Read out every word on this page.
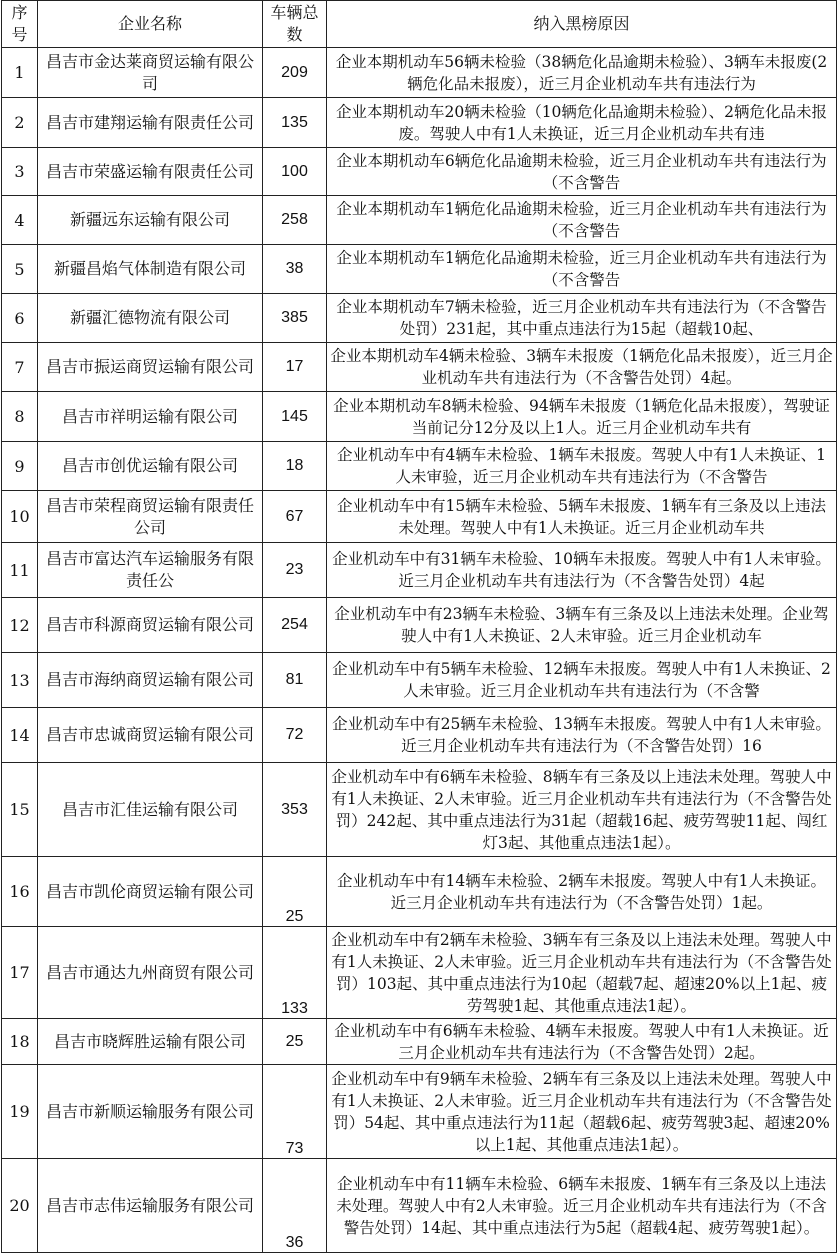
序号	企业名称	车辆总数	纳入黑榜原因
1	昌吉市金达莱商贸运输有限公司	209	企业本期机动车56辆未检验（38辆危化品逾期未检验）、3辆车未报废(2辆危化品未报废），近三月企业机动车共有违法行为

2	昌吉市建翔运输有限责任公司	135	企业本期机动车20辆未检验（10辆危化品逾期未检验）、2辆危化品未报废。驾驶人中有1人未换证，近三月企业机动车共有违

3	昌吉市荣盛运输有限责任公司	100	企业本期机动车6辆危化品逾期未检验，近三月企业机动车共有违法行为（不含警告

4	新疆远东运输有限公司	258	企业本期机动车1辆危化品逾期未检验，近三月企业机动车共有违法行为（不含警告

5	新疆昌焰气体制造有限公司	38	企业本期机动车1辆危化品逾期未检验，近三月企业机动车共有违法行为（不含警告

6	新疆汇德物流有限公司	385	企业本期机动车7辆未检验，近三月企业机动车共有违法行为（不含警告处罚）231起，其中重点违法行为15起（超载10起、

7	昌吉市振运商贸运输有限公司	17	企业本期机动车4辆未检验、3辆车未报废（1辆危化品未报废），近三月企业机动车共有违法行为（不含警告处罚）4起。

8	昌吉市祥明运输有限公司	145	企业本期机动车8辆未检验、94辆车未报废（1辆危化品未报废），驾驶证当前记分12分及以上1人。近三月企业机动车共有

9	昌吉市创优运输有限公司	18	企业机动车中有4辆车未检验、1辆车未报废。驾驶人中有1人未换证、1人未审验，近三月企业机动车共有违法行为（不含警告

10	昌吉市荣程商贸运输有限责任公司	67	企业机动车中有15辆车未检验、5辆车未报废、1辆车有三条及以上违法未处理。驾驶人中有1人未换证。近三月企业机动车共

11	昌吉市富达汽车运输服务有限责任公	23	企业机动车中有31辆车未检验、10辆车未报废。驾驶人中有1人未审验。近三月企业机动车共有违法行为（不含警告处罚）4起

12	昌吉市科源商贸运输有限公司	254	企业机动车中有23辆车未检验、3辆车有三条及以上违法未处理。企业驾驶人中有1人未换证、2人未审验。近三月企业机动车

13	昌吉市海纳商贸运输有限公司	81	企业机动车中有5辆车未检验、12辆车未报废。驾驶人中有1人未换证、2人未审验。近三月企业机动车共有违法行为（不含警

14	昌吉市忠诚商贸运输有限公司	72	企业机动车中有25辆车未检验、13辆车未报废。驾驶人中有1人未审验。近三月企业机动车共有违法行为（不含警告处罚）16

15	昌吉市汇佳运输有限公司	353	企业机动车中有6辆车未检验、8辆车有三条及以上违法未处理。驾驶人中有1人未换证、2人未审验。近三月企业机动车共有违法行为（不含警告处罚）242起、其中重点违法行为31起（超载16起、疲劳驾驶11起、闯红灯3起、其他重点违法1起）。

16	昌吉市凯伦商贸运输有限公司	25	企业机动车中有14辆车未检验、2辆车未报废。驾驶人中有1人未换证。近三月企业机动车共有违法行为（不含警告处罚）1起。

17	昌吉市通达九州商贸有限公司	133	企业机动车中有2辆车未检验、3辆车有三条及以上违法未处理。驾驶人中有1人未换证、2人未审验。近三月企业机动车共有违法行为（不含警告处罚）103起、其中重点违法行为10起（超载7起、超速20%以上1起、疲劳驾驶1起、其他重点违法1起）。

18	昌吉市晓辉胜运输有限公司	25	企业机动车中有6辆车未检验、4辆车未报废。驾驶人中有1人未换证。近三月企业机动车共有违法行为（不含警告处罚）2起。

19	昌吉市新顺运输服务有限公司	73	企业机动车中有9辆车未检验、2辆车有三条及以上违法未处理。驾驶人中有1人未换证、2人未审验。近三月企业机动车共有违法行为（不含警告处罚）54起、其中重点违法行为11起（超载6起、疲劳驾驶3起、超速20%以上1起、其他重点违法1起）。

20	昌吉市志伟运输服务有限公司	36	企业机动车中有11辆车未检验、6辆车未报废、1辆车有三条及以上违法未处理。驾驶人中有2人未审验。近三月企业机动车共有违法行为（不含警告处罚）14起、其中重点违法行为5起（超载4起、疲劳驾驶1起）。
